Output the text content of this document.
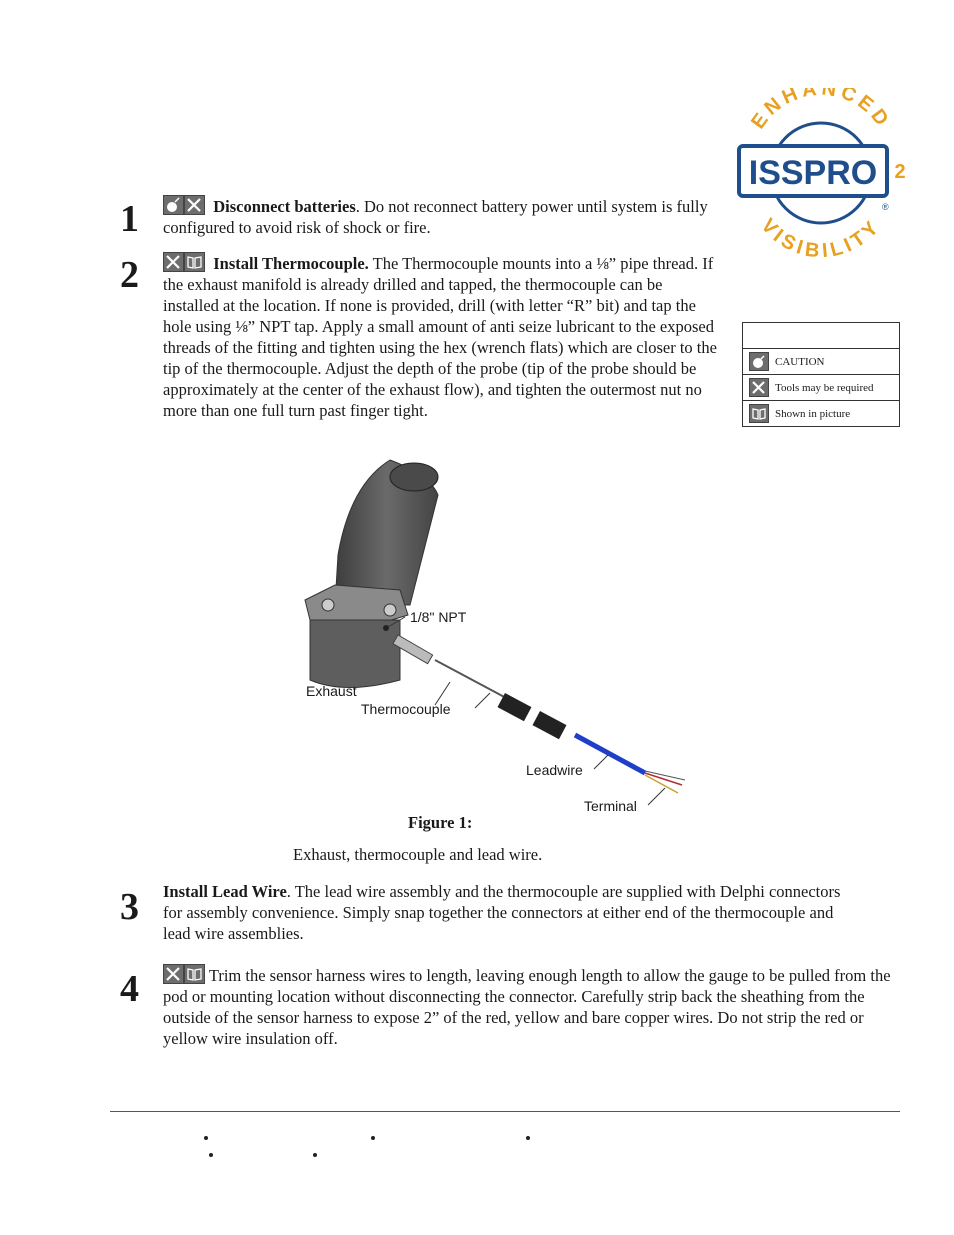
ENHANCED
VISIBILITY
ISSPRO 2
®
CAUTION
Tools may be required
Shown in picture
1	Disconnect batteries. Do not reconnect battery power until system is fully configured to avoid risk of shock or fire.
2	Install Thermocouple. The Thermocouple mounts into a ⅛” pipe thread. If the exhaust manifold is already drilled and tapped, the thermocouple can be installed at the location. If none is provided, drill (with letter “R” bit) and tap the hole using ⅛” NPT tap. Apply a small amount of anti seize lubricant to the exposed threads of the fitting and tighten using the hex (wrench flats) which are closer to the tip of the thermocouple. Adjust the depth of the probe (tip of the probe should be approximately at the center of the exhaust flow), and tighten the outermost nut no more than one full turn past finger tight.
1/8" NPT
Exhaust
Thermocouple
Leadwire
Terminal
Figure 1:
Exhaust, thermocouple and lead wire.
3 Install Lead Wire. The lead wire assembly and the thermocouple are supplied with Delphi connectors for assembly convenience. Simply snap together the connectors at either end of the thermocouple and lead wire assemblies.
4	Trim the sensor harness wires to length, leaving enough length to allow the gauge to be pulled from the pod or mounting location without disconnecting the connector. Carefully strip back the sheathing from the outside of the sensor harness to expose 2” of the red, yellow and bare copper wires. Do not strip the red or yellow wire insulation off.
